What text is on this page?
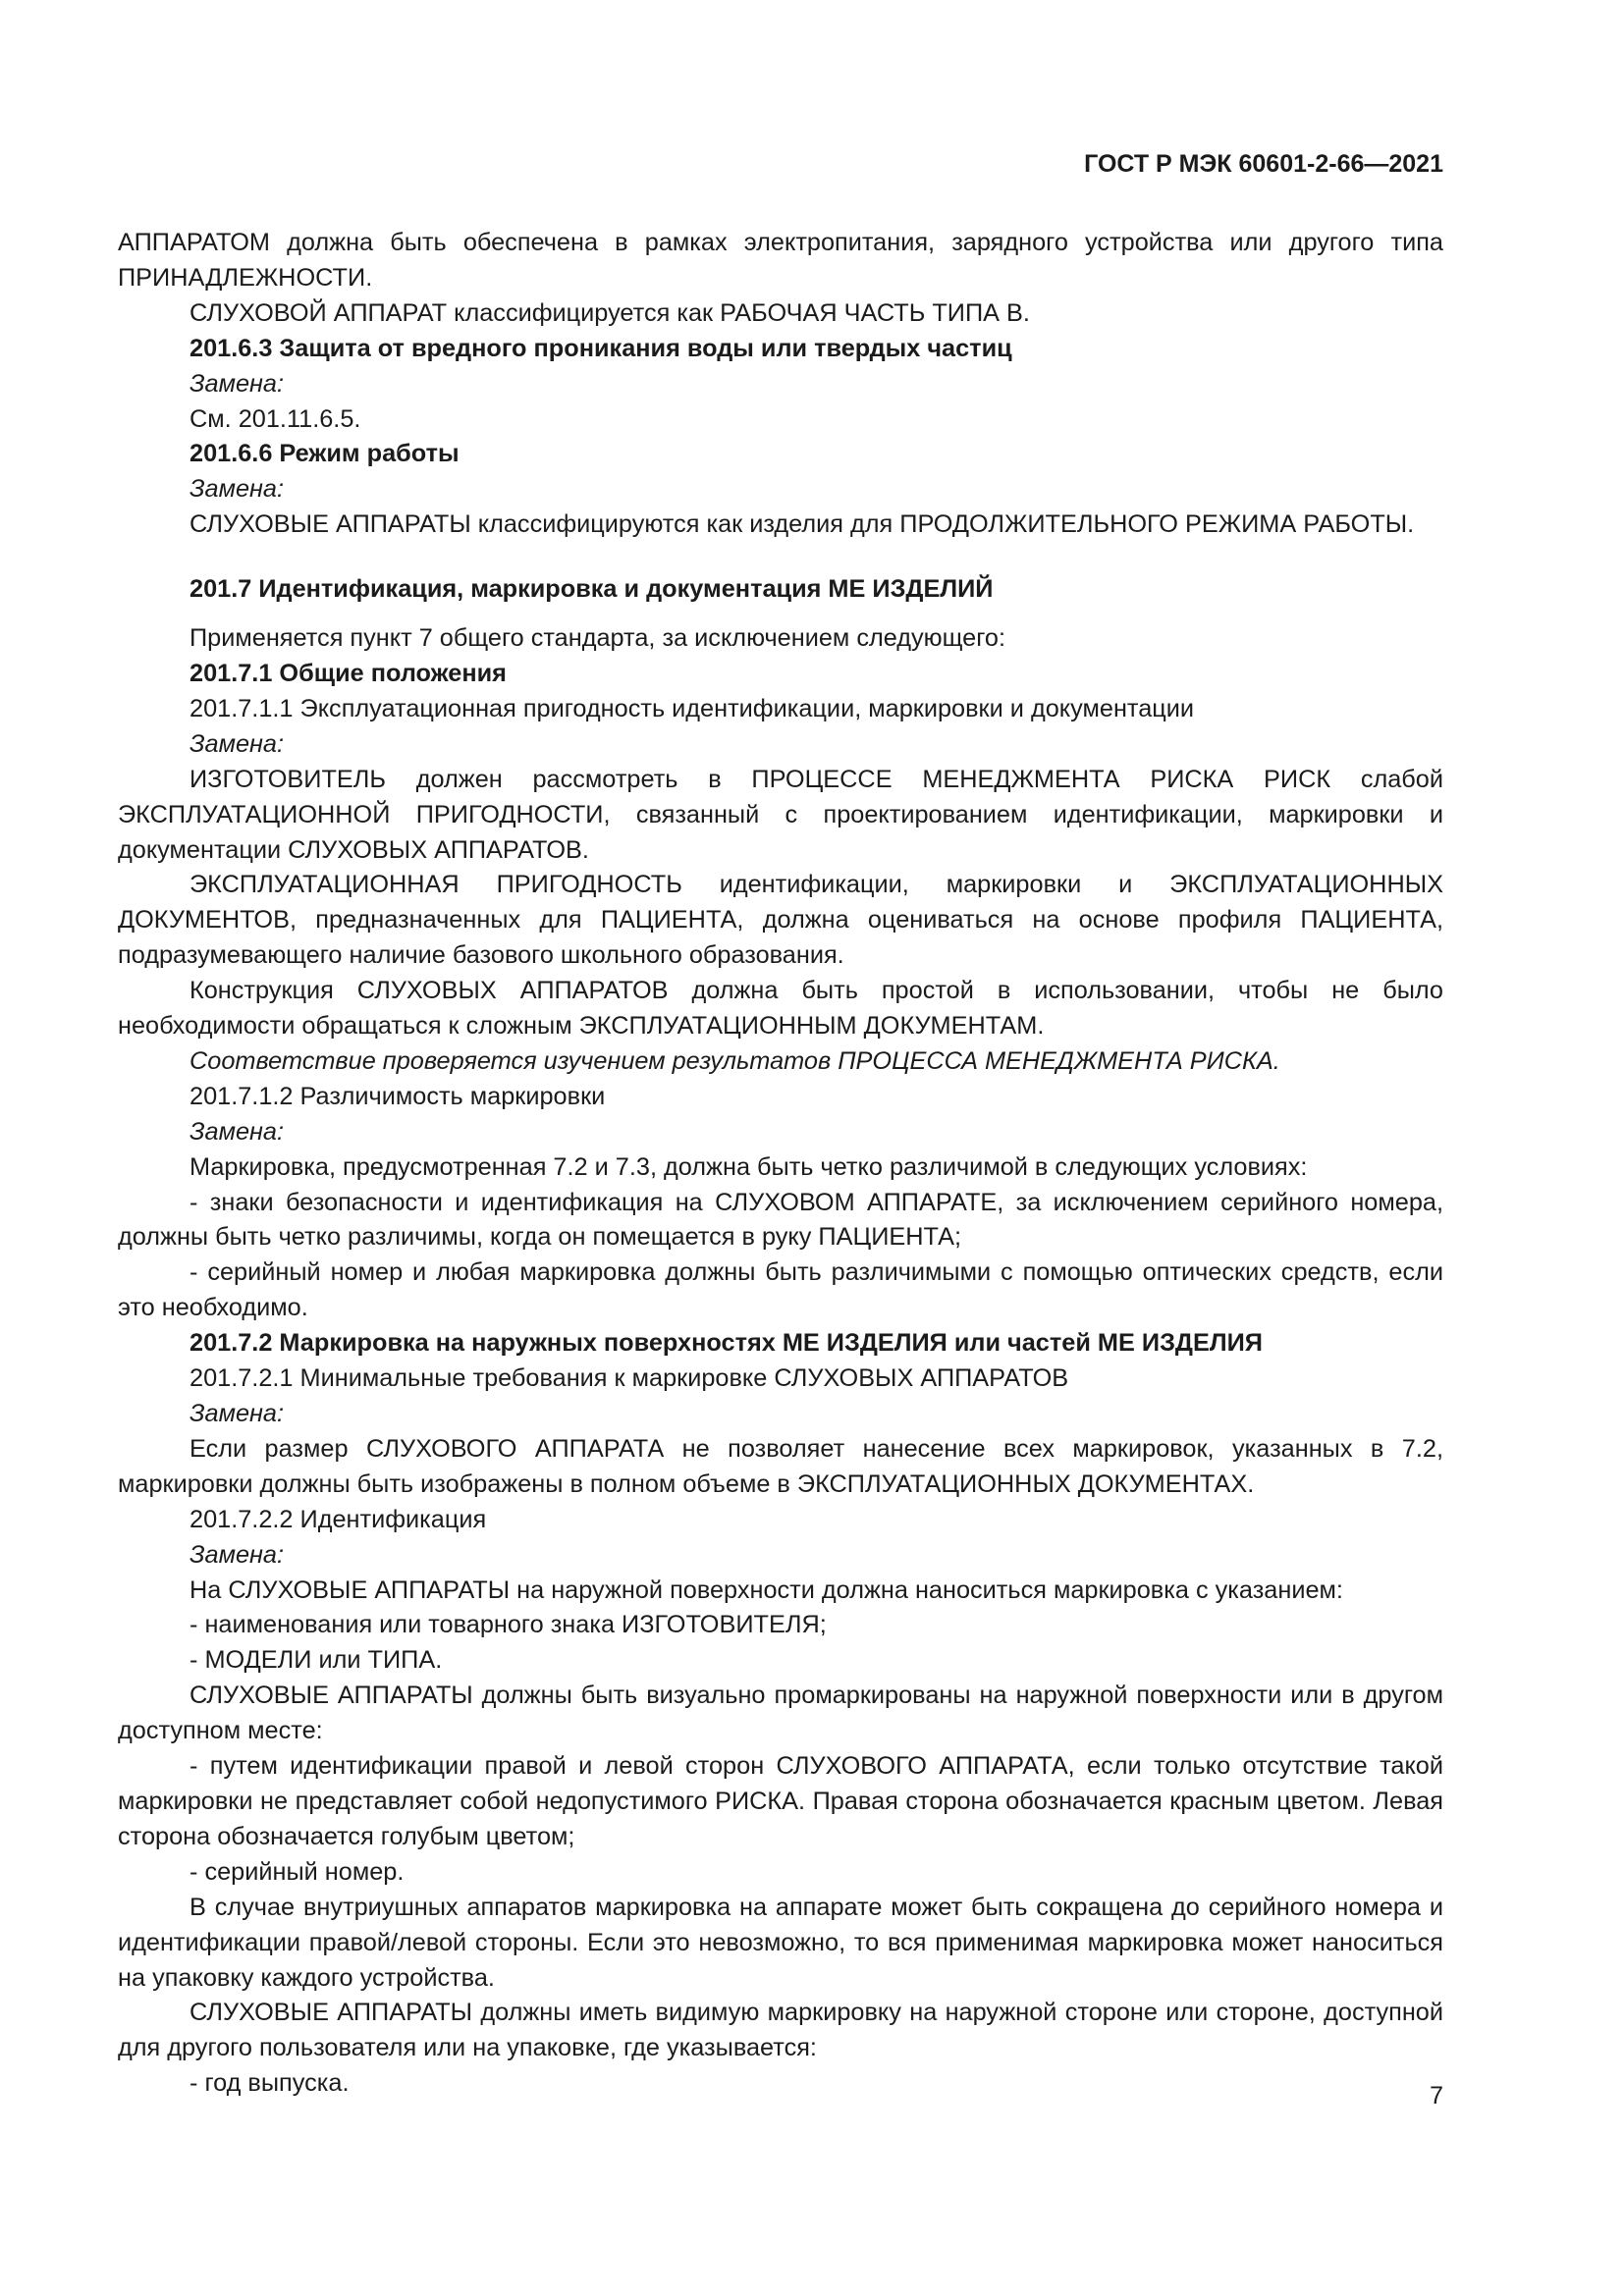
ГОСТ Р МЭК 60601-2-66—2021

АППАРАТОМ должна быть обеспечена в рамках электропитания, зарядного устройства или другого типа ПРИНАДЛЕЖНОСТИ.

СЛУХОВОЙ АППАРАТ классифицируется как РАБОЧАЯ ЧАСТЬ ТИПА В.

201.6.3 Защита от вредного проникания воды или твердых частиц

Замена:

См. 201.11.6.5.

201.6.6 Режим работы

Замена:

СЛУХОВЫЕ АППАРАТЫ классифицируются как изделия для ПРОДОЛЖИТЕЛЬНОГО РЕЖИМА РАБОТЫ.

201.7 Идентификация, маркировка и документация МЕ ИЗДЕЛИЙ

Применяется пункт 7 общего стандарта, за исключением следующего:

201.7.1 Общие положения

201.7.1.1 Эксплуатационная пригодность идентификации, маркировки и документации

Замена:

ИЗГОТОВИТЕЛЬ должен рассмотреть в ПРОЦЕССЕ МЕНЕДЖМЕНТА РИСКА РИСК слабой ЭКСПЛУАТАЦИОННОЙ ПРИГОДНОСТИ, связанный с проектированием идентификации, маркировки и документации СЛУХОВЫХ АППАРАТОВ.

ЭКСПЛУАТАЦИОННАЯ ПРИГОДНОСТЬ идентификации, маркировки и ЭКСПЛУАТАЦИОННЫХ ДОКУМЕНТОВ, предназначенных для ПАЦИЕНТА, должна оцениваться на основе профиля ПАЦИЕНТА, подразумевающего наличие базового школьного образования.

Конструкция СЛУХОВЫХ АППАРАТОВ должна быть простой в использовании, чтобы не было необходимости обращаться к сложным ЭКСПЛУАТАЦИОННЫМ ДОКУМЕНТАМ.

Соответствие проверяется изучением результатов ПРОЦЕССА МЕНЕДЖМЕНТА РИСКА.

201.7.1.2 Различимость маркировки

Замена:

Маркировка, предусмотренная 7.2 и 7.3, должна быть четко различимой в следующих условиях:

- знаки безопасности и идентификация на СЛУХОВОМ АППАРАТЕ, за исключением серийного номера, должны быть четко различимы, когда он помещается в руку ПАЦИЕНТА;

- серийный номер и любая маркировка должны быть различимыми с помощью оптических средств, если это необходимо.

201.7.2 Маркировка на наружных поверхностях МЕ ИЗДЕЛИЯ или частей МЕ ИЗДЕЛИЯ

201.7.2.1 Минимальные требования к маркировке СЛУХОВЫХ АППАРАТОВ

Замена:

Если размер СЛУХОВОГО АППАРАТА не позволяет нанесение всех маркировок, указанных в 7.2, маркировки должны быть изображены в полном объеме в ЭКСПЛУАТАЦИОННЫХ ДОКУМЕНТАХ.

201.7.2.2 Идентификация

Замена:

На СЛУХОВЫЕ АППАРАТЫ на наружной поверхности должна наноситься маркировка с указанием:

- наименования или товарного знака ИЗГОТОВИТЕЛЯ;

- МОДЕЛИ или ТИПА.

СЛУХОВЫЕ АППАРАТЫ должны быть визуально промаркированы на наружной поверхности или в другом доступном месте:

- путем идентификации правой и левой сторон СЛУХОВОГО АППАРАТА, если только отсутствие такой маркировки не представляет собой недопустимого РИСКА. Правая сторона обозначается красным цветом. Левая сторона обозначается голубым цветом;

- серийный номер.

В случае внутриушных аппаратов маркировка на аппарате может быть сокращена до серийного номера и идентификации правой/левой стороны. Если это невозможно, то вся применимая маркировка может наноситься на упаковку каждого устройства.

СЛУХОВЫЕ АППАРАТЫ должны иметь видимую маркировку на наружной стороне или стороне, доступной для другого пользователя или на упаковке, где указывается:

- год выпуска.	7
